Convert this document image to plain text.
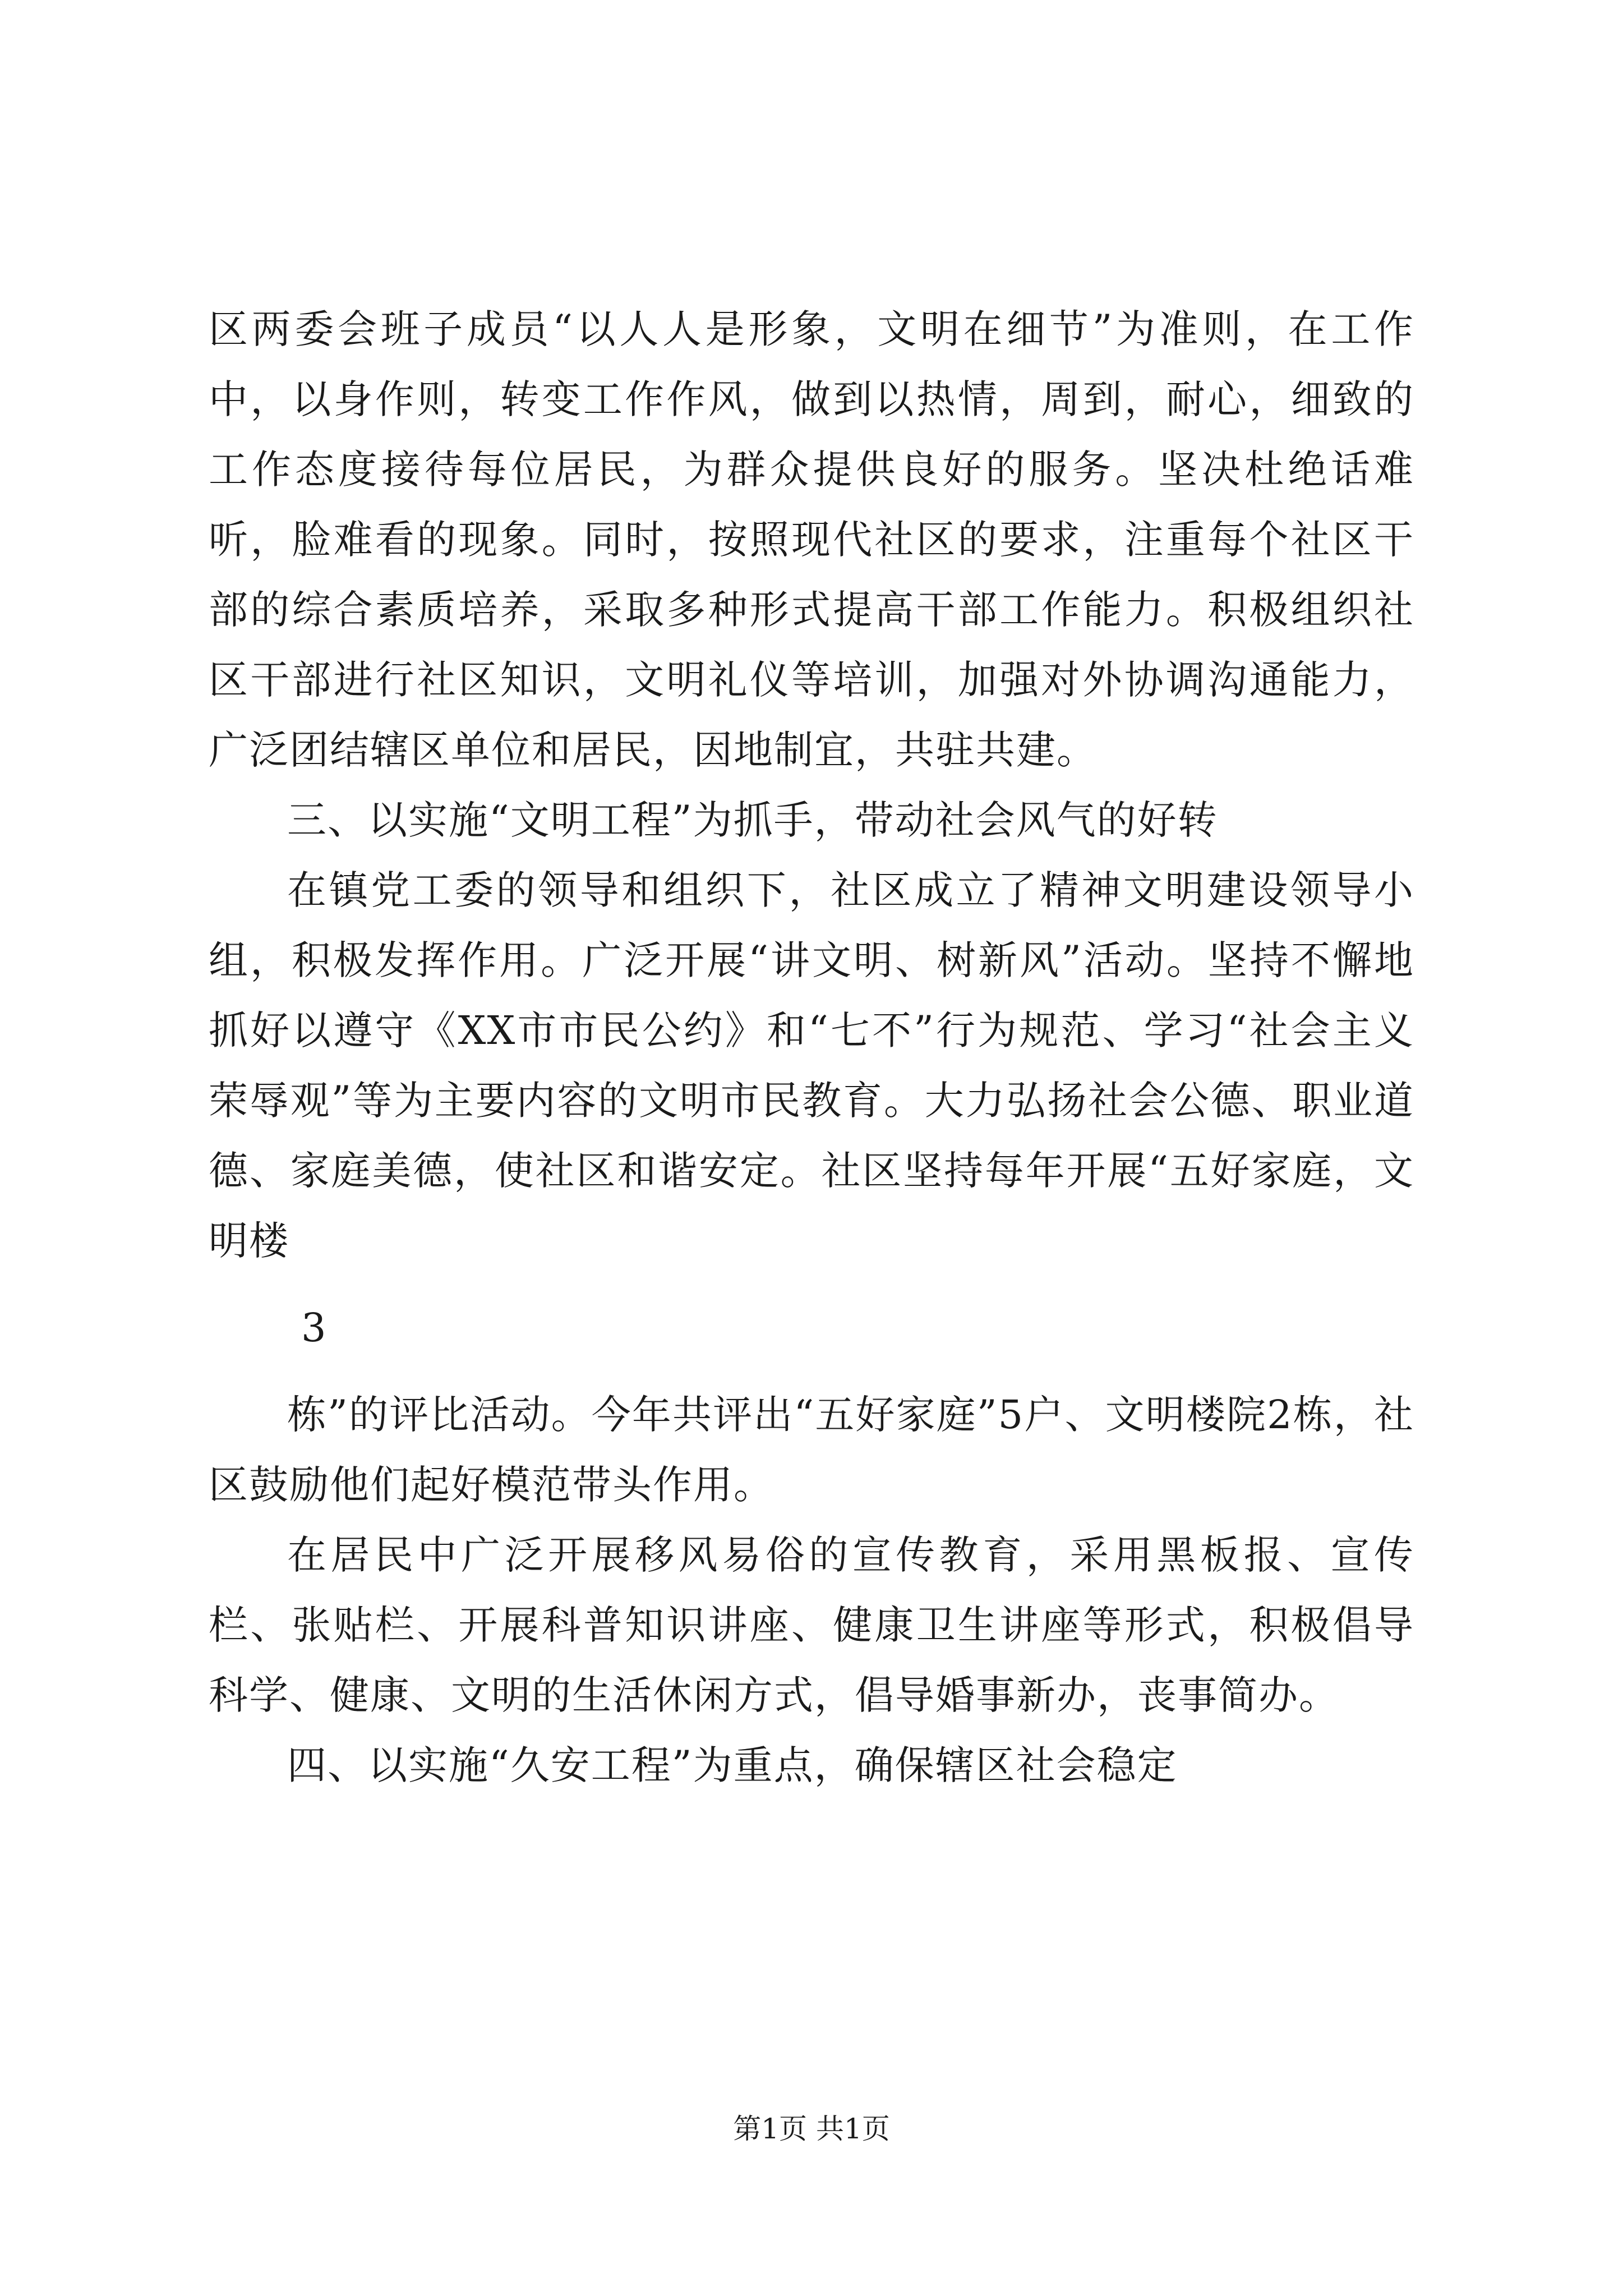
区两委会班子成员“以人人是形象，文明在细节”为准则，在工作中，以身作则，转变工作作风，做到以热情，周到，耐心，细致的工作态度接待每位居民，为群众提供良好的服务。坚决杜绝话难听，脸难看的现象。同时，按照现代社区的要求，注重每个社区干部的综合素质培养，采取多种形式提高干部工作能力。积极组织社区干部进行社区知识，文明礼仪等培训，加强对外协调沟通能力，广泛团结辖区单位和居民，因地制宜，共驻共建。

三、以实施“文明工程”为抓手，带动社会风气的好转

在镇党工委的领导和组织下，社区成立了精神文明建设领导小组，积极发挥作用。广泛开展“讲文明、树新风”活动。坚持不懈地抓好以遵守《XX市市民公约》和“七不”行为规范、学习“社会主义荣辱观”等为主要内容的文明市民教育。大力弘扬社会公德、职业道德、家庭美德，使社区和谐安定。社区坚持每年开展“五好家庭，文明楼

3

栋”的评比活动。今年共评出“五好家庭”5户、文明楼院2栋，社区鼓励他们起好模范带头作用。

在居民中广泛开展移风易俗的宣传教育，采用黑板报、宣传栏、张贴栏、开展科普知识讲座、健康卫生讲座等形式，积极倡导科学、健康、文明的生活休闲方式，倡导婚事新办，丧事简办。

四、以实施“久安工程”为重点，确保辖区社会稳定

第1页 共1页
